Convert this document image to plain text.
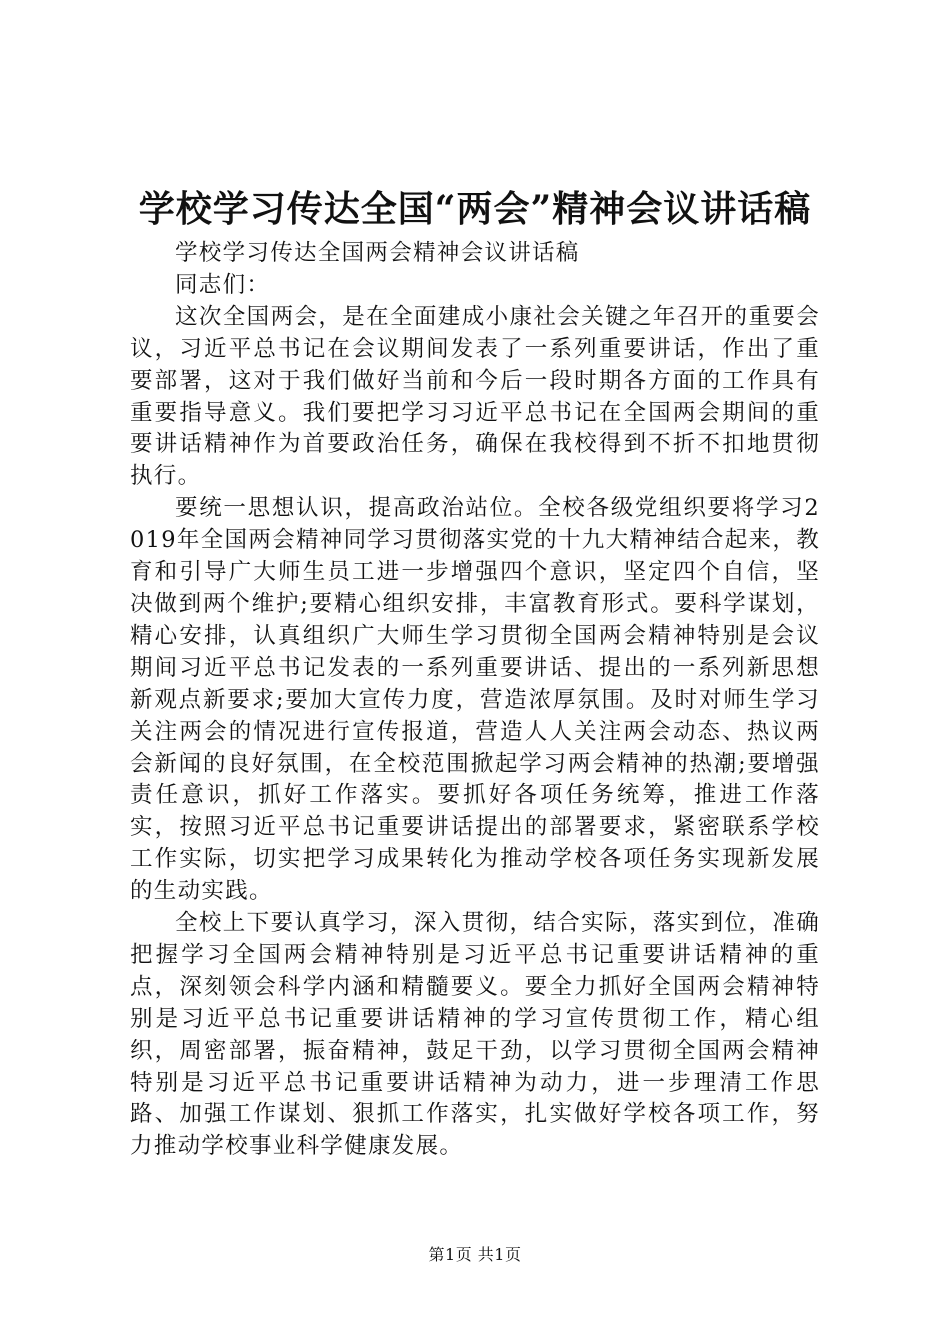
学校学习传达全国“两会”精神会议讲话稿

学校学习传达全国两会精神会议讲话稿

同志们：

这次全国两会，是在全面建成小康社会关键之年召开的重要会议，习近平总书记在会议期间发表了一系列重要讲话，作出了重要部署，这对于我们做好当前和今后一段时期各方面的工作具有重要指导意义。我们要把学习习近平总书记在全国两会期间的重要讲话精神作为首要政治任务，确保在我校得到不折不扣地贯彻执行。

要统一思想认识，提高政治站位。全校各级党组织要将学习2019年全国两会精神同学习贯彻落实党的十九大精神结合起来，教育和引导广大师生员工进一步增强四个意识，坚定四个自信，坚决做到两个维护;要精心组织安排，丰富教育形式。要科学谋划，精心安排，认真组织广大师生学习贯彻全国两会精神特别是会议期间习近平总书记发表的一系列重要讲话、提出的一系列新思想新观点新要求;要加大宣传力度，营造浓厚氛围。及时对师生学习关注两会的情况进行宣传报道，营造人人关注两会动态、热议两会新闻的良好氛围，在全校范围掀起学习两会精神的热潮;要增强责任意识，抓好工作落实。要抓好各项任务统筹，推进工作落实，按照习近平总书记重要讲话提出的部署要求，紧密联系学校工作实际，切实把学习成果转化为推动学校各项任务实现新发展的生动实践。

全校上下要认真学习，深入贯彻，结合实际，落实到位，准确把握学习全国两会精神特别是习近平总书记重要讲话精神的重点，深刻领会科学内涵和精髓要义。要全力抓好全国两会精神特别是习近平总书记重要讲话精神的学习宣传贯彻工作，精心组织，周密部署，振奋精神，鼓足干劲，以学习贯彻全国两会精神特别是习近平总书记重要讲话精神为动力，进一步理清工作思路、加强工作谋划、狠抓工作落实，扎实做好学校各项工作，努力推动学校事业科学健康发展。

第1页 共1页
